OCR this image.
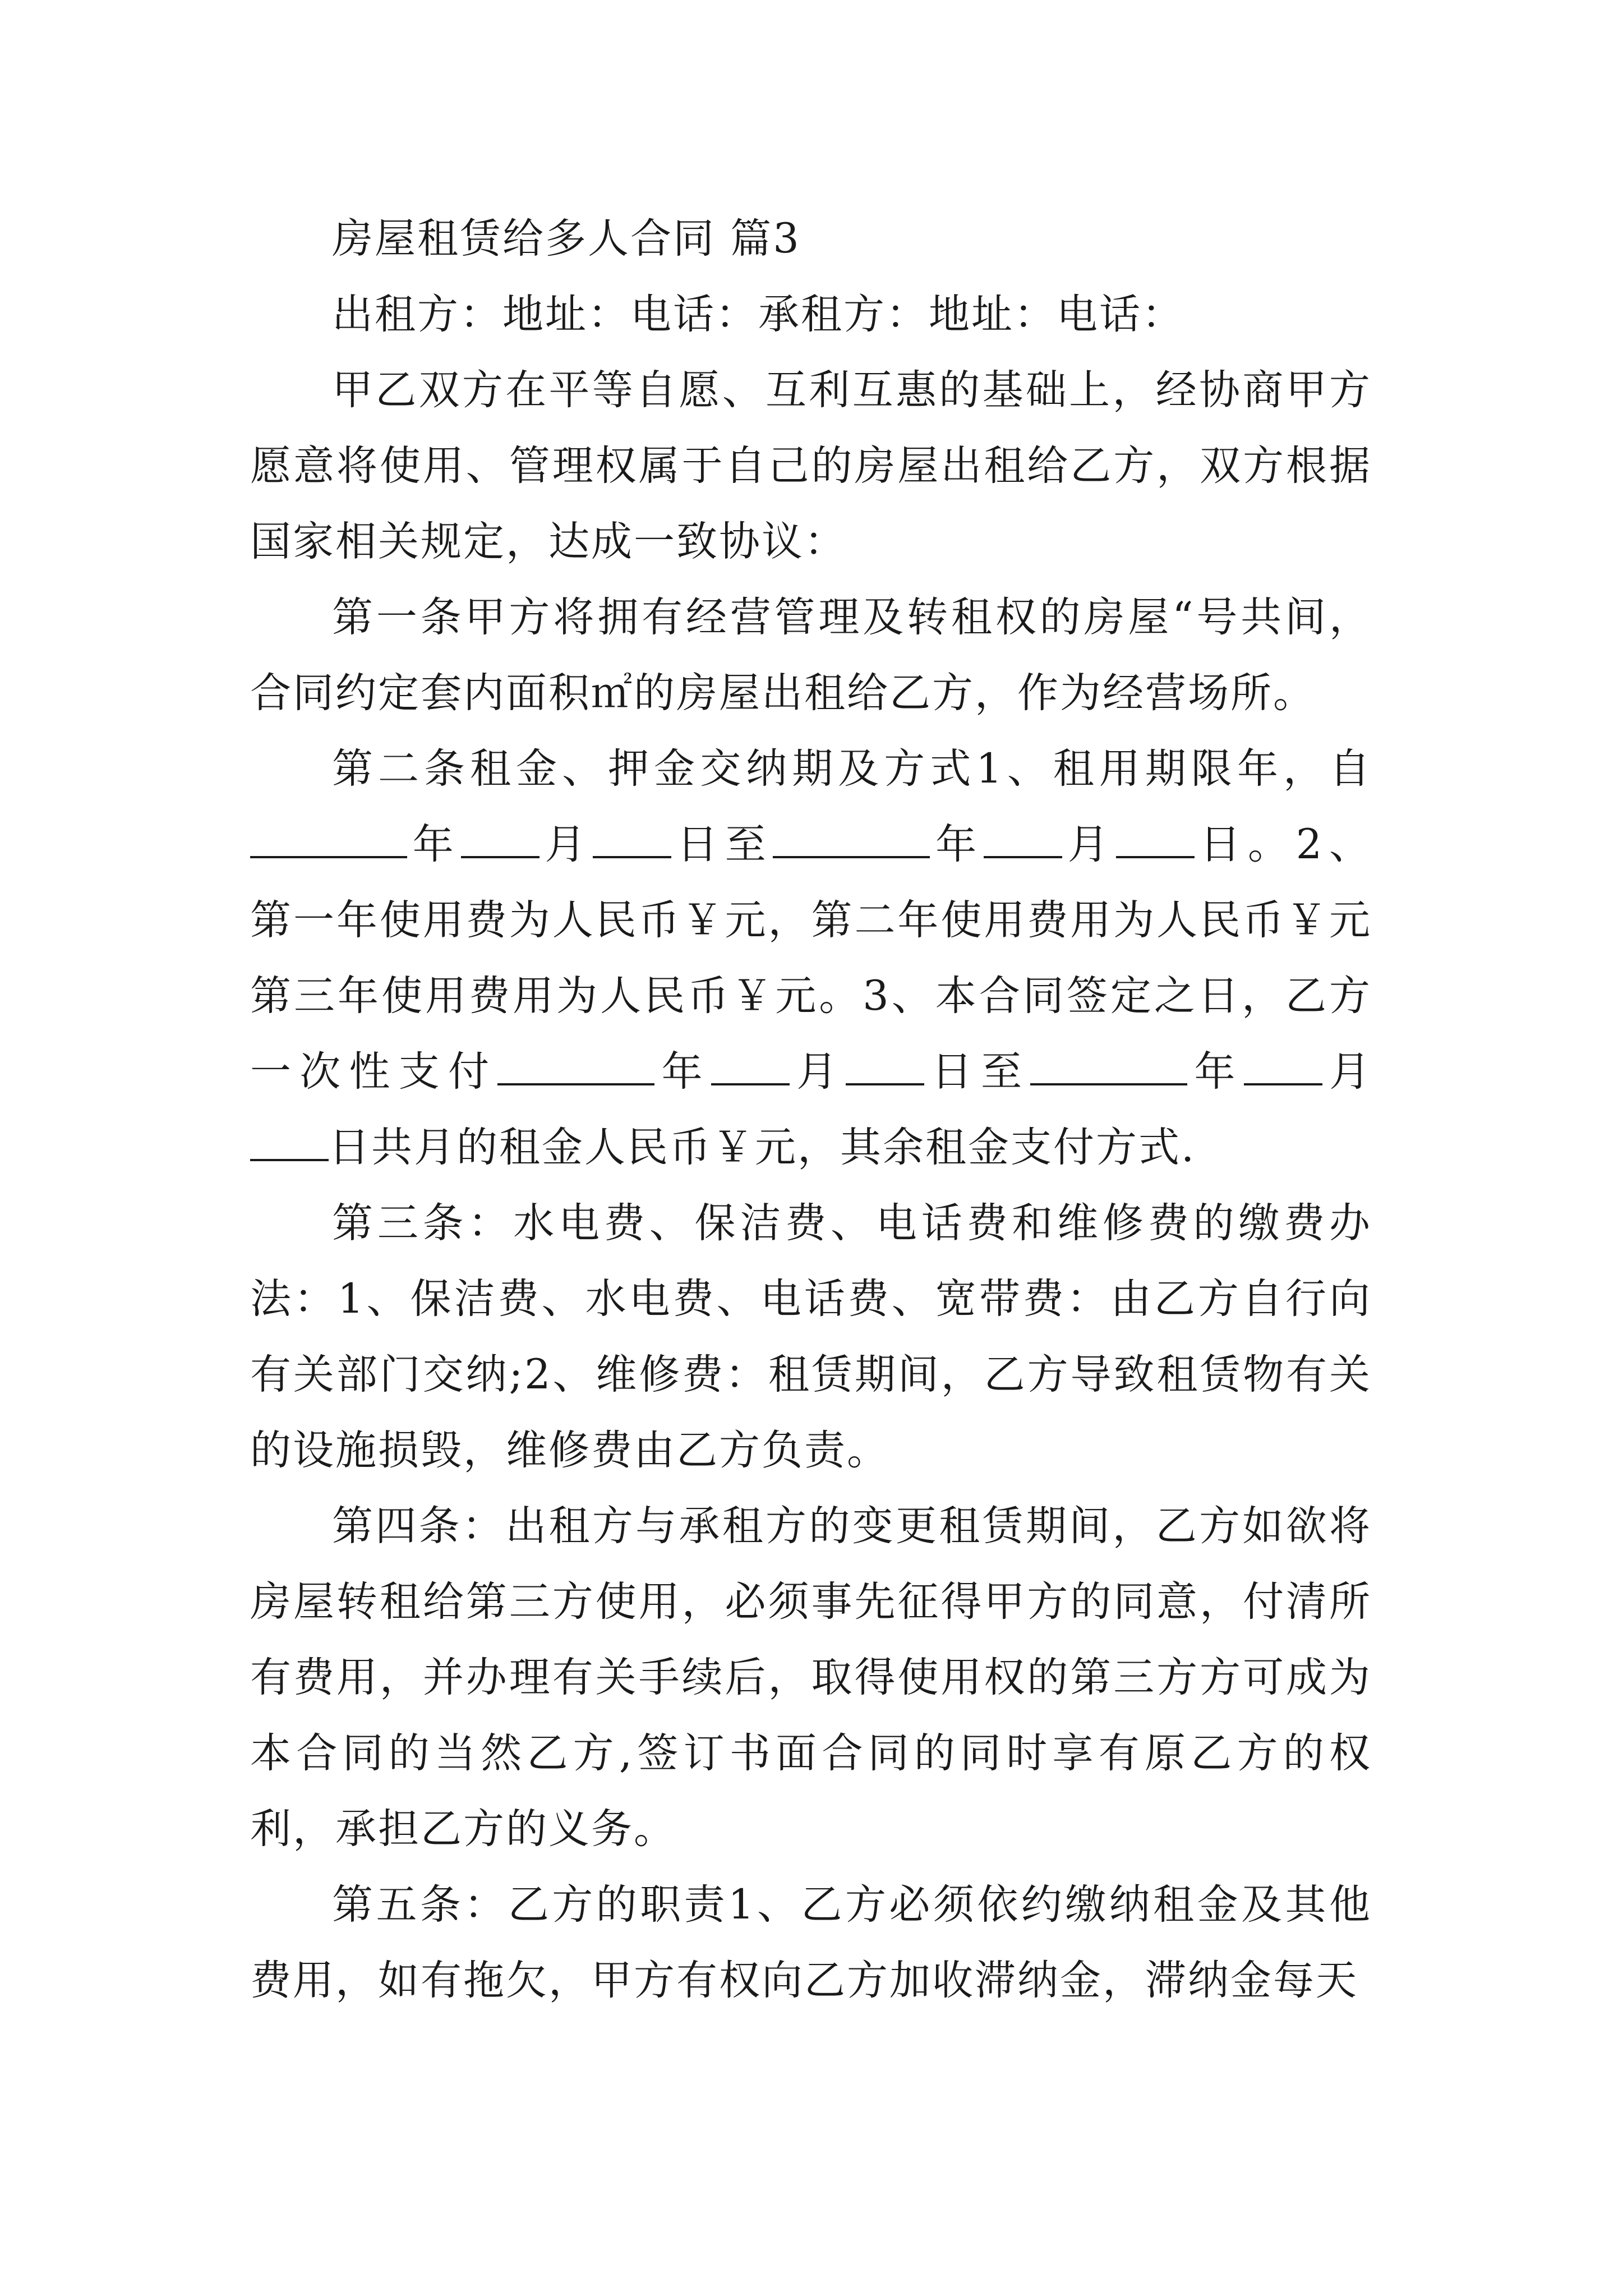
房屋租赁给多人合同 篇3

出租方：地址：电话：承租方：地址：电话：

甲乙双方在平等自愿、互利互惠的基础上，经协商甲方愿意将使用、管理权属于自己的房屋出租给乙方，双方根据国家相关规定，达成一致协议：

第一条甲方将拥有经营管理及转租权的房屋“号共间，合同约定套内面积㎡的房屋出租给乙方，作为经营场所。

第二条租金、押金交纳期及方式1、租用期限年，自
年 月 日至	年 月 日。2、
第一年使用费为人民币￥元，第二年使用费用为人民币￥元
第三年使用费用为人民币￥元。3、本合同签定之日，乙方
一次性支付	年 月 日至	年 月
日共月的租金人民币￥元，其余租金支付方式.

第三条：水电费、保洁费、电话费和维修费的缴费办法：1、保洁费、水电费、电话费、宽带费：由乙方自行向有关部门交纳;2、维修费：租赁期间，乙方导致租赁物有关的设施损毁，维修费由乙方负责。

第四条：出租方与承租方的变更租赁期间，乙方如欲将房屋转租给第三方使用，必须事先征得甲方的同意，付清所有费用，并办理有关手续后，取得使用权的第三方方可成为本合同的当然乙方,签订书面合同的同时享有原乙方的权利，承担乙方的义务。

第五条：乙方的职责1、乙方必须依约缴纳租金及其他费用，如有拖欠，甲方有权向乙方加收滞纳金，滞纳金每天
